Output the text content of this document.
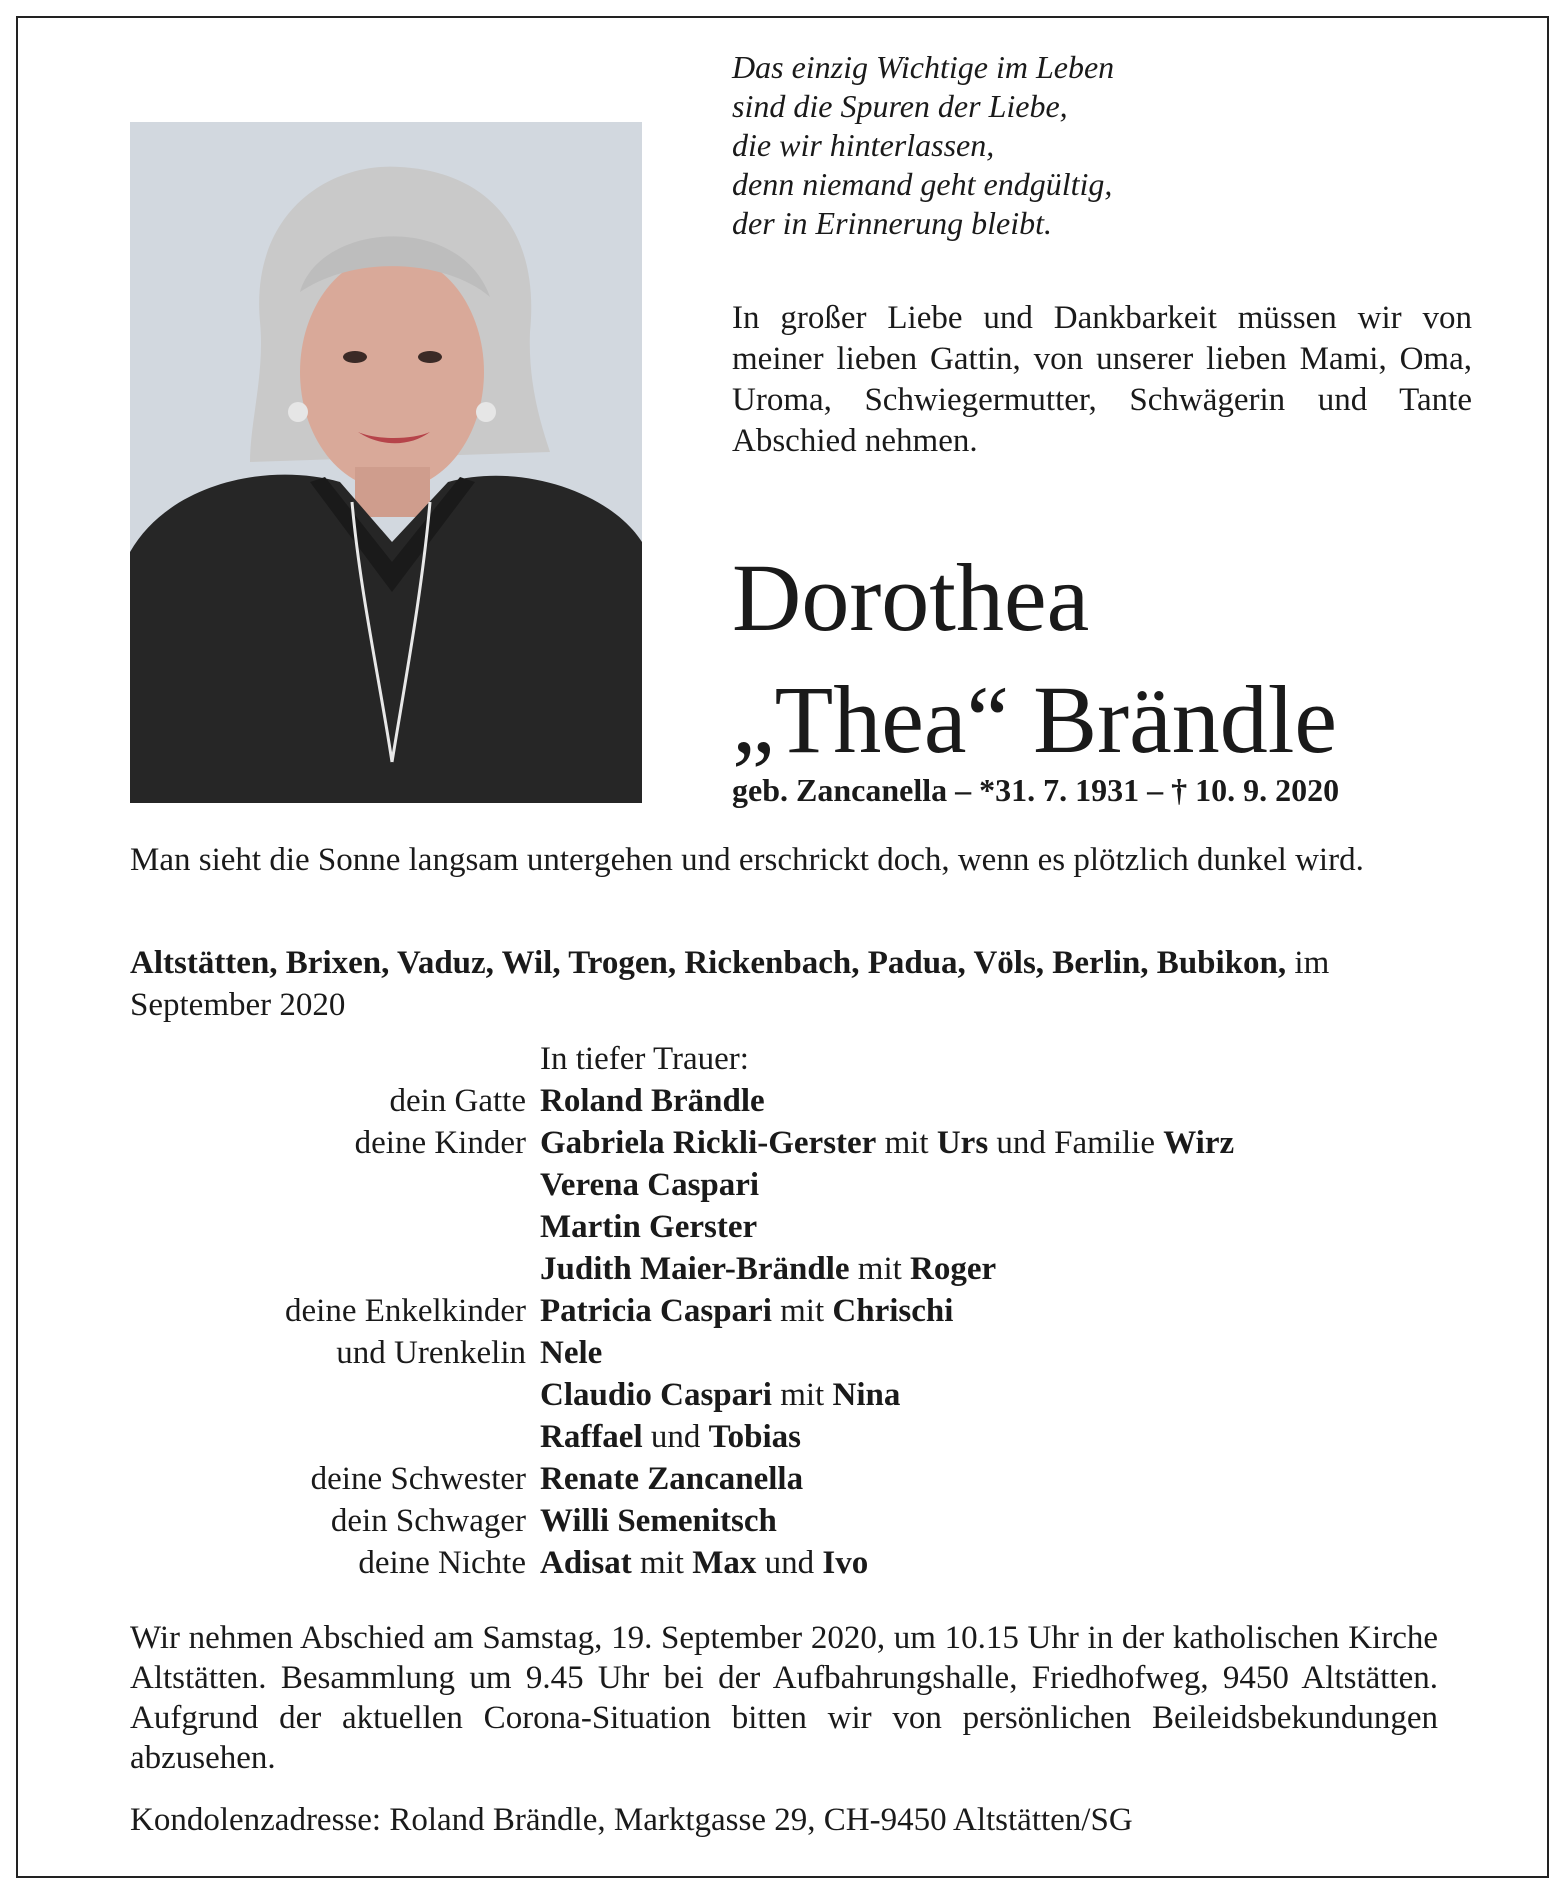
Das einzig Wichtige im Leben
sind die Spuren der Liebe,
die wir hinterlassen,
denn niemand geht endgültig,
der in Erinnerung bleibt.
In großer Liebe und Dankbarkeit müssen wir von meiner lieben Gattin, von unserer lieben Mami, Oma, Uroma, Schwiegermutter, Schwägerin und Tante Abschied nehmen.
Dorothea
„Thea“ Brändle
geb. Zancanella – *31. 7. 1931 – † 10. 9. 2020
Man sieht die Sonne langsam untergehen und erschrickt doch, wenn es plötzlich dunkel wird.
Altstätten, Brixen, Vaduz, Wil, Trogen, Rickenbach, Padua, Völs, Berlin, Bubikon, im September 2020
In tiefer Trauer:
dein Gatte Roland Brändle
deine Kinder Gabriela Rickli-Gerster mit Urs und Familie Wirz
Verena Caspari
Martin Gerster
Judith Maier-Brändle mit Roger
deine Enkelkinder Patricia Caspari mit Chrischi
und Urenkelin Nele
Claudio Caspari mit Nina
Raffael und Tobias
deine Schwester Renate Zancanella
dein Schwager Willi Semenitsch
deine Nichte Adisat mit Max und Ivo
Wir nehmen Abschied am Samstag, 19. September 2020, um 10.15 Uhr in der katholischen Kirche Altstätten. Besammlung um 9.45 Uhr bei der Aufbahrungshalle, Friedhofweg, 9450 Altstätten. Aufgrund der aktuellen Corona-Situation bitten wir von persönlichen Beileidsbekundungen abzusehen.
Kondolenzadresse: Roland Brändle, Marktgasse 29, CH-9450 Altstätten/SG
